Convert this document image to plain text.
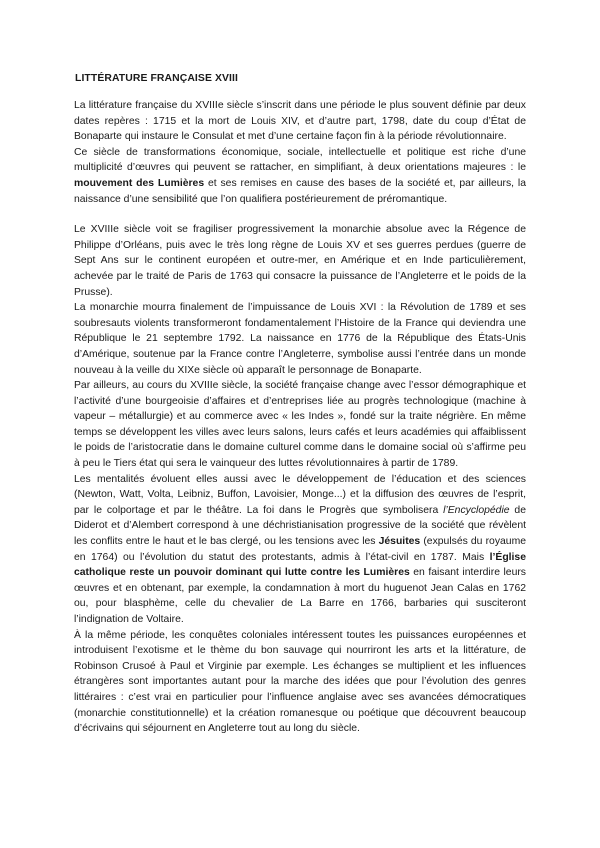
LITTÉRATURE FRANÇAISE XVIII

La littérature française du XVIIIe siècle s’inscrit dans une période le plus souvent définie par deux dates repères : 1715 et la mort de Louis XIV, et d’autre part, 1798, date du coup d’État de Bonaparte qui instaure le Consulat et met d’une certaine façon fin à la période révolutionnaire.

Ce siècle de transformations économique, sociale, intellectuelle et politique est riche d’une multiplicité d’œuvres qui peuvent se rattacher, en simplifiant, à deux orientations majeures : le mouvement des Lumières et ses remises en cause des bases de la société et, par ailleurs, la naissance d’une sensibilité que l’on qualifiera postérieurement de préromantique.

Le XVIIIe siècle voit se fragiliser progressivement la monarchie absolue avec la Régence de Philippe d’Orléans, puis avec le très long règne de Louis XV et ses guerres perdues (guerre de Sept Ans sur le continent européen et outre-mer, en Amérique et en Inde particulièrement, achevée par le traité de Paris de 1763 qui consacre la puissance de l’Angleterre et le poids de la Prusse).

La monarchie mourra finalement de l’impuissance de Louis XVI : la Révolution de 1789 et ses soubresauts violents transformeront fondamentalement l’Histoire de la France qui deviendra une République le 21 septembre 1792. La naissance en 1776 de la République des États-Unis d’Amérique, soutenue par la France contre l’Angleterre, symbolise aussi l’entrée dans un monde nouveau à la veille du XIXe siècle où apparaît le personnage de Bonaparte.

Par ailleurs, au cours du XVIIIe siècle, la société française change avec l’essor démographique et l’activité d’une bourgeoisie d’affaires et d’entreprises liée au progrès technologique (machine à vapeur – métallurgie) et au commerce avec « les Indes », fondé sur la traite négrière. En même temps se développent les villes avec leurs salons, leurs cafés et leurs académies qui affaiblissent le poids de l’aristocratie dans le domaine culturel comme dans le domaine social où s’affirme peu à peu le Tiers état qui sera le vainqueur des luttes révolutionnaires à partir de 1789.

Les mentalités évoluent elles aussi avec le développement de l’éducation et des sciences (Newton, Watt, Volta, Leibniz, Buffon, Lavoisier, Monge...) et la diffusion des œuvres de l’esprit, par le colportage et par le théâtre. La foi dans le Progrès que symbolisera l’Encyclopédie de Diderot et d’Alembert correspond à une déchristianisation progressive de la société que révèlent les conflits entre le haut et le bas clergé, ou les tensions avec les Jésuites (expulsés du royaume en 1764) ou l’évolution du statut des protestants, admis à l’état-civil en 1787. Mais l’Église catholique reste un pouvoir dominant qui lutte contre les Lumières en faisant interdire leurs œuvres et en obtenant, par exemple, la condamnation à mort du huguenot Jean Calas en 1762 ou, pour blasphème, celle du chevalier de La Barre en 1766, barbaries qui susciteront l’indignation de Voltaire.

À la même période, les conquêtes coloniales intéressent toutes les puissances européennes et introduisent l’exotisme et le thème du bon sauvage qui nourriront les arts et la littérature, de Robinson Crusoé à Paul et Virginie par exemple. Les échanges se multiplient et les influences étrangères sont importantes autant pour la marche des idées que pour l’évolution des genres littéraires : c’est vrai en particulier pour l’influence anglaise avec ses avancées démocratiques (monarchie constitutionnelle) et la création romanesque ou poétique que découvrent beaucoup d’écrivains qui séjournent en Angleterre tout au long du siècle.
